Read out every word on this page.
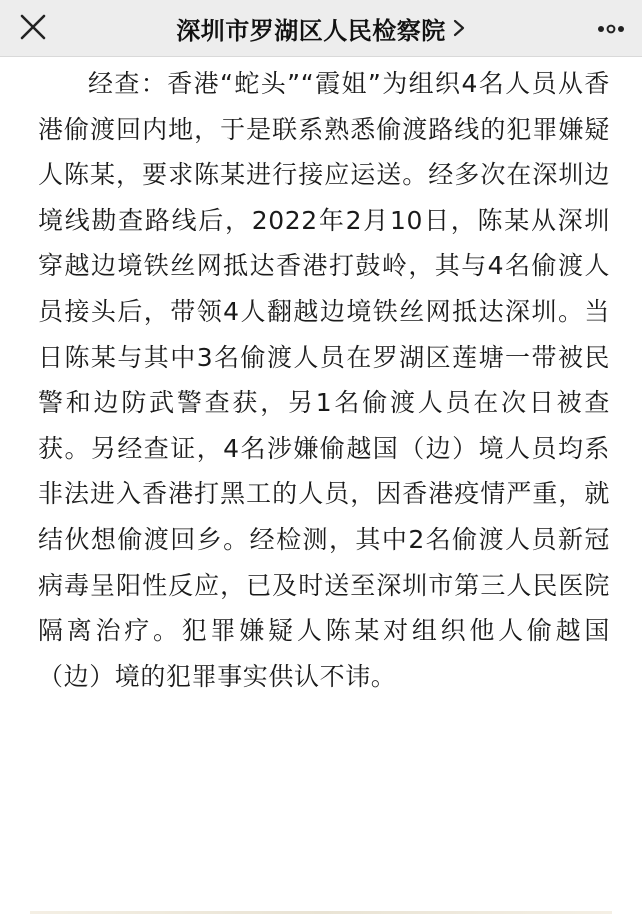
深圳市罗湖区人民检察院

经查：香港“蛇头”“霞姐”为组织4名人员从香港偷渡回内地，于是联系熟悉偷渡路线的犯罪嫌疑人陈某，要求陈某进行接应运送。经多次在深圳边境线勘查路线后，2022年2月10日，陈某从深圳穿越边境铁丝网抵达香港打鼓岭，其与4名偷渡人员接头后，带领4人翻越边境铁丝网抵达深圳。当日陈某与其中3名偷渡人员在罗湖区莲塘一带被民警和边防武警查获，另1名偷渡人员在次日被查获。另经查证，4名涉嫌偷越国（边）境人员均系非法进入香港打黑工的人员，因香港疫情严重，就结伙想偷渡回乡。经检测，其中2名偷渡人员新冠病毒呈阳性反应，已及时送至深圳市第三人民医院隔离治疗。犯罪嫌疑人陈某对组织他人偷越国（边）境的犯罪事实供认不讳。
